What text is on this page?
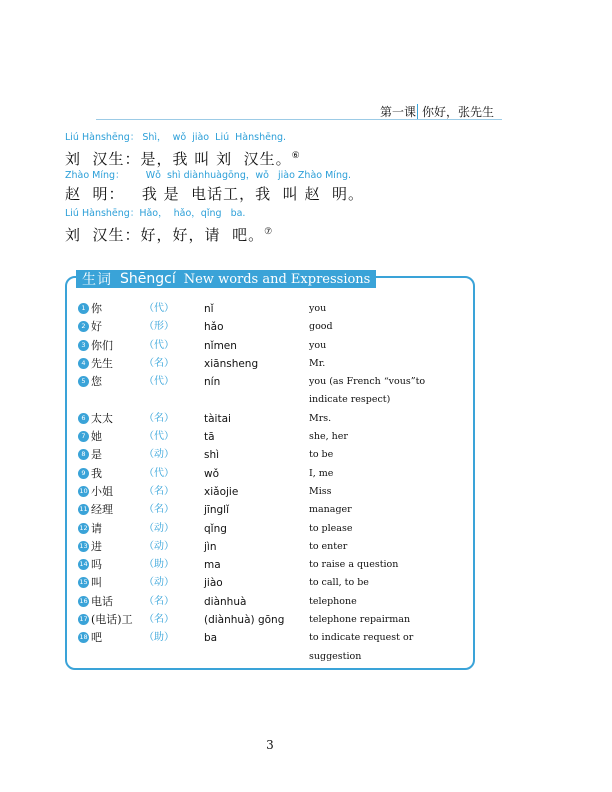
第一课 你好，张先生
Liú Hànshēng： Shì，  wǒ  jiào  Liú  Hànshēng.
刘  汉生：是，我 叫 刘  汉生。⑥
Zhào Míng：       Wǒ  shì diànhuàgōng，wǒ   jiào Zhào Míng.
赵  明：   我 是  电话工，我  叫 赵  明。
Liú Hànshēng：Hǎo，  hǎo，qǐng   ba.
刘  汉生：好，好，请  吧。⑦
生词 Shēngcí New words and Expressions
1 你	（代）	nǐ	you
2 好	（形）	hǎo	good
3 你们	（代）	nǐmen	you
4 先生	（名）	xiānsheng	Mr.
5 您	（代）	nín	you (as French “vous”to indicate respect)
6 太太	（名）	tàitai	Mrs.
7 她	（代）	tā	she, her
8 是	（动）	shì	to be
9 我	（代）	wǒ	I, me
10 小姐	（名）	xiǎojie	Miss
11 经理	（名）	jīnglǐ	manager
12 请	（动）	qǐng	to please
13 进	（动）	jìn	to enter
14 吗	（助）	ma	to raise a question
15 叫	（动）	jiào	to call, to be
16 电话	（名）	diànhuà	telephone
17 (电话)工 （名）	(diànhuà) gōng	telephone repairman
18 吧	（助）	ba	to indicate request or suggestion
3
